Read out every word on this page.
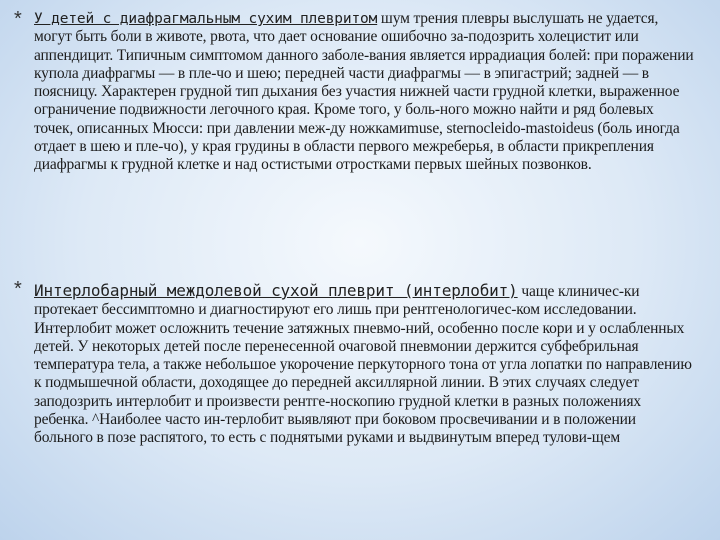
* У детей с диафрагмальным сухим плевритом шум трения плевры выслушать не удается, могут быть боли в животе, рвота, что дает основание ошибочно за-подозрить холецистит или аппендицит. Типичным симптомом данного заболе-вания является иррадиация болей: при поражении купола диафрагмы — в пле-чо и шею; передней части диафрагмы — в эпигастрий; задней — в поясницу. Характерен грудной тип дыхания без участия нижней части грудной клетки, выраженное ограничение подвижности легочного края. Кроме того, у боль-ного можно найти и ряд болевых точек, описанных Мюсси: при давлении меж-ду ножкамиmuse, sternocleido-mastoideus (боль иногда отдает в шею и пле-чо), у края грудины в области первого межреберья, в области прикрепления диафрагмы к грудной клетке и над остистыми отростками первых шейных позвонков.

* Интерлобарный междолевой сухой плеврит (интерлобит) чаще клиничес-ки протекает бессимптомно и диагностируют его лишь при рентгенологичес-ком исследовании. Интерлобит может осложнить течение затяжных пневмо-ний, особенно после кори и у ослабленных детей. У некоторых детей после перенесенной очаговой пневмонии держится субфебрильная температура тела, а также небольшое укорочение перкуторного тона от угла лопатки по направлению к подмышечной области, доходящее до передней аксиллярной линии. В этих случаях следует заподозрить интерлобит и произвести рентге-носкопию грудной клетки в разных положениях ребенка. ^Наиболее часто ин-терлобит выявляют при боковом просвечивании и в положении больного в позе распятого, то есть с поднятыми руками и выдвинутым вперед тулови-щем
